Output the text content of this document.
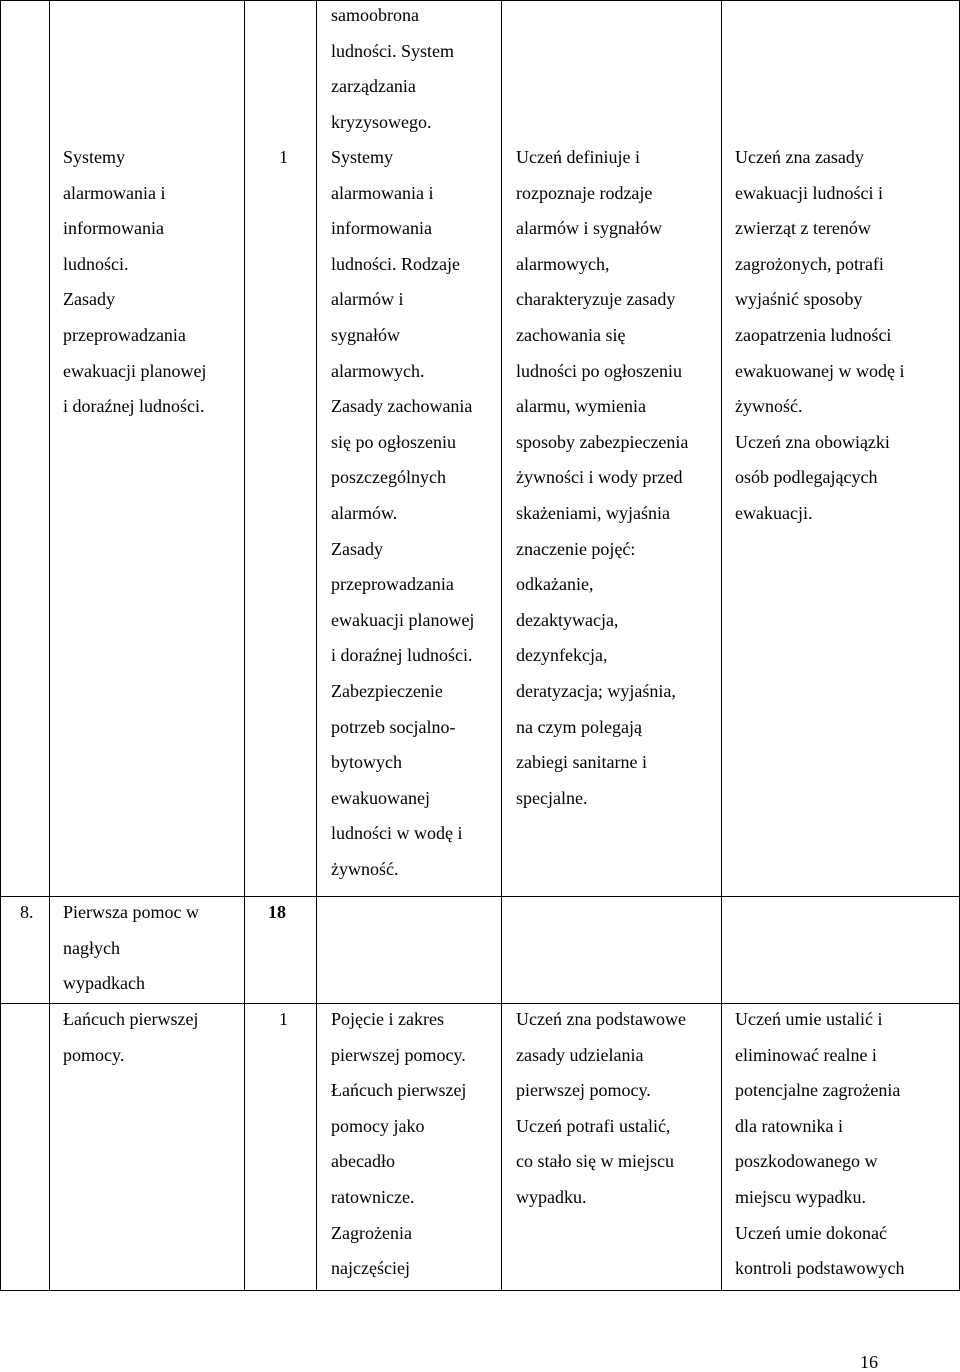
samoobrona
ludności. System
zarządzania
kryzysowego.
Systemy
alarmowania i
informowania
ludności.
Zasady
przeprowadzania
ewakuacji planowej
i doraźnej ludności.
1 Systemy
alarmowania i
informowania
ludności. Rodzaje
alarmów i
sygnałów
alarmowych.
Zasady zachowania
się po ogłoszeniu
poszczególnych
alarmów.
Zasady
przeprowadzania
ewakuacji planowej
i doraźnej ludności.
Zabezpieczenie
potrzeb socjalno-
bytowych
ewakuowanej
ludności w wodę i
żywność.
Uczeń definiuje i
rozpoznaje rodzaje
alarmów i sygnałów
alarmowych,
charakteryzuje zasady
zachowania się
ludności po ogłoszeniu
alarmu, wymienia
sposoby zabezpieczenia
żywności i wody przed
skażeniami, wyjaśnia
znaczenie pojęć:
odkażanie,
dezaktywacja,
dezynfekcja,
deratyzacja; wyjaśnia,
na czym polegają
zabiegi sanitarne i
specjalne.
Uczeń zna zasady
ewakuacji ludności i
zwierząt z terenów
zagrożonych, potrafi
wyjaśnić sposoby
zaopatrzenia ludności
ewakuowanej w wodę i
żywność.
Uczeń zna obowiązki
osób podlegających
ewakuacji.
8.	Pierwsza pomoc w
nagłych
wypadkach
18
Łańcuch pierwszej
pomocy.
1 Pojęcie i zakres
pierwszej pomocy.
Łańcuch pierwszej
pomocy jako
abecadło
ratownicze.
Zagrożenia
najczęściej
Uczeń zna podstawowe
zasady udzielania
pierwszej pomocy.
Uczeń potrafi ustalić,
co stało się w miejscu
wypadku.
Uczeń umie ustalić i
eliminować realne i
potencjalne zagrożenia
dla ratownika i
poszkodowanego w
miejscu wypadku.
Uczeń umie dokonać
kontroli podstawowych
16
